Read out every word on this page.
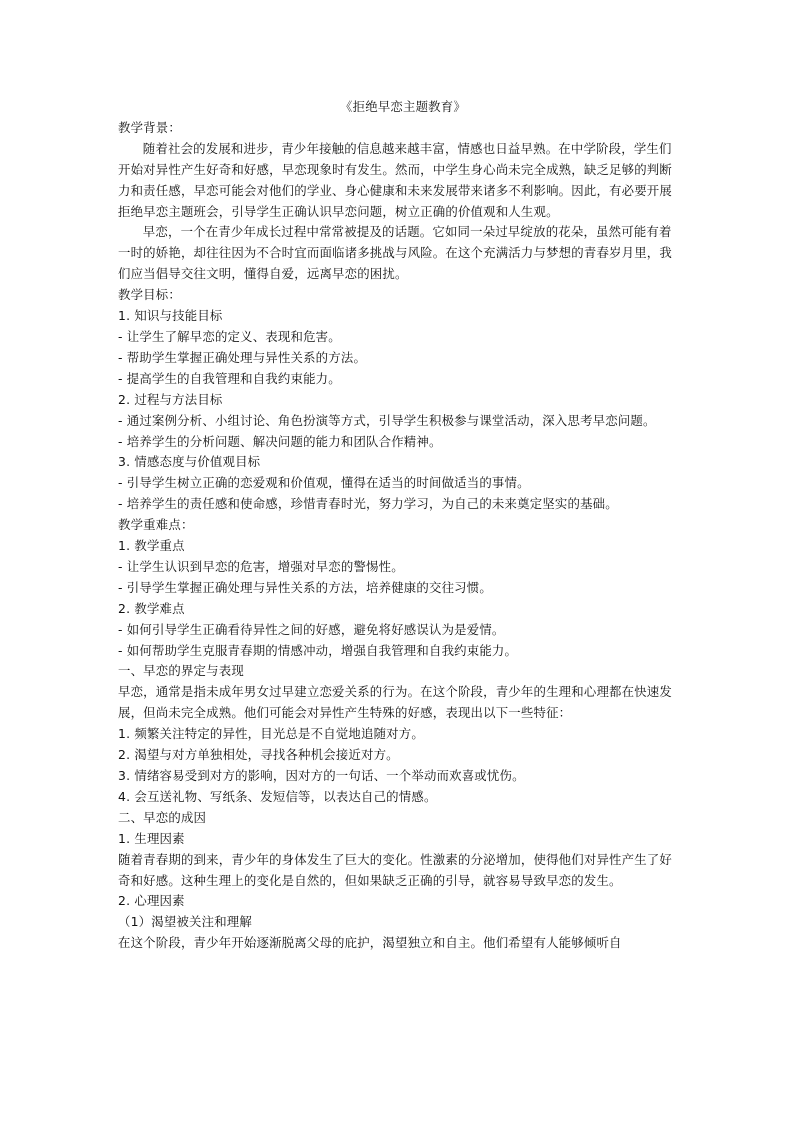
《拒绝早恋主题教育》

教学背景：

随着社会的发展和进步，青少年接触的信息越来越丰富，情感也日益早熟。在中学阶段，学生们开始对异性产生好奇和好感，早恋现象时有发生。然而，中学生身心尚未完全成熟，缺乏足够的判断力和责任感，早恋可能会对他们的学业、身心健康和未来发展带来诸多不利影响。因此，有必要开展拒绝早恋主题班会，引导学生正确认识早恋问题，树立正确的价值观和人生观。

早恋，一个在青少年成长过程中常常被提及的话题。它如同一朵过早绽放的花朵，虽然可能有着一时的娇艳，却往往因为不合时宜而面临诸多挑战与风险。在这个充满活力与梦想的青春岁月里，我们应当倡导交往文明，懂得自爱，远离早恋的困扰。

教学目标：

1. 知识与技能目标

- 让学生了解早恋的定义、表现和危害。

- 帮助学生掌握正确处理与异性关系的方法。

- 提高学生的自我管理和自我约束能力。

2. 过程与方法目标

- 通过案例分析、小组讨论、角色扮演等方式，引导学生积极参与课堂活动，深入思考早恋问题。

- 培养学生的分析问题、解决问题的能力和团队合作精神。

3. 情感态度与价值观目标

- 引导学生树立正确的恋爱观和价值观，懂得在适当的时间做适当的事情。

- 培养学生的责任感和使命感，珍惜青春时光，努力学习，为自己的未来奠定坚实的基础。

教学重难点：

1. 教学重点

- 让学生认识到早恋的危害，增强对早恋的警惕性。

- 引导学生掌握正确处理与异性关系的方法，培养健康的交往习惯。

2. 教学难点

- 如何引导学生正确看待异性之间的好感，避免将好感误认为是爱情。

- 如何帮助学生克服青春期的情感冲动，增强自我管理和自我约束能力。

一、早恋的界定与表现

早恋，通常是指未成年男女过早建立恋爱关系的行为。在这个阶段，青少年的生理和心理都在快速发展，但尚未完全成熟。他们可能会对异性产生特殊的好感，表现出以下一些特征：

1. 频繁关注特定的异性，目光总是不自觉地追随对方。

2. 渴望与对方单独相处，寻找各种机会接近对方。

3. 情绪容易受到对方的影响，因对方的一句话、一个举动而欢喜或忧伤。

4. 会互送礼物、写纸条、发短信等，以表达自己的情感。

二、早恋的成因

1. 生理因素

随着青春期的到来，青少年的身体发生了巨大的变化。性激素的分泌增加，使得他们对异性产生了好奇和好感。这种生理上的变化是自然的，但如果缺乏正确的引导，就容易导致早恋的发生。

2. 心理因素

（1）渴望被关注和理解

在这个阶段，青少年开始逐渐脱离父母的庇护，渴望独立和自主。他们希望有人能够倾听自
